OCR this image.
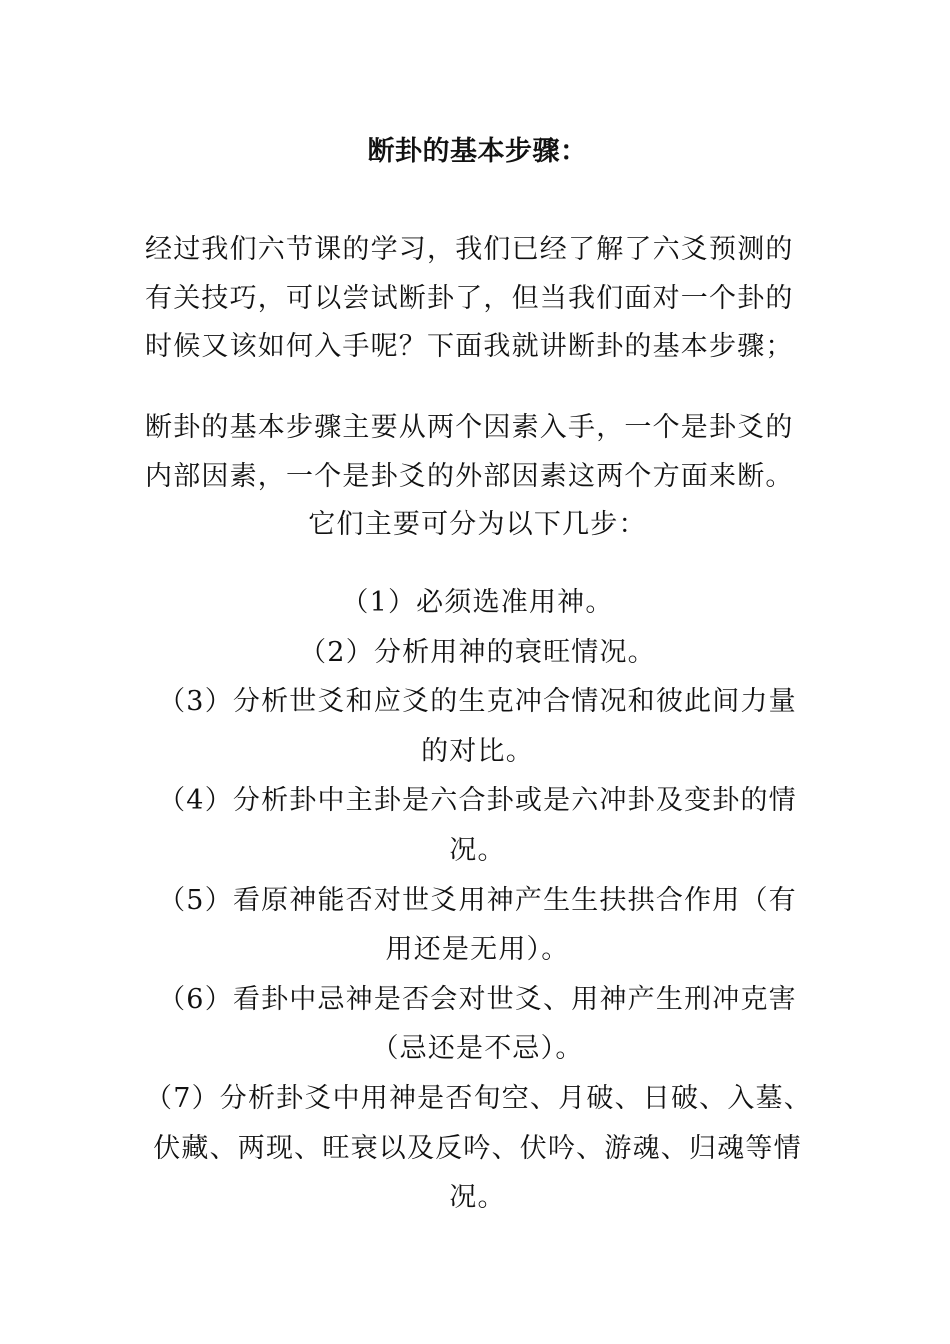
断卦的基本步骤：
经过我们六节课的学习，我们已经了解了六爻预测的
有关技巧，可以尝试断卦了，但当我们面对一个卦的
时候又该如何入手呢？下面我就讲断卦的基本步骤；
断卦的基本步骤主要从两个因素入手，一个是卦爻的
内部因素，一个是卦爻的外部因素这两个方面来断。
它们主要可分为以下几步：
（1）必须选准用神。
（2）分析用神的衰旺情况。
（3）分析世爻和应爻的生克冲合情况和彼此间力量
的对比。
（4）分析卦中主卦是六合卦或是六冲卦及变卦的情
况。
（5）看原神能否对世爻用神产生生扶拱合作用（有
用还是无用）。
（6）看卦中忌神是否会对世爻、用神产生刑冲克害
（忌还是不忌）。
（7）分析卦爻中用神是否旬空、月破、日破、入墓、
伏藏、两现、旺衰以及反吟、伏吟、游魂、归魂等情
况。
